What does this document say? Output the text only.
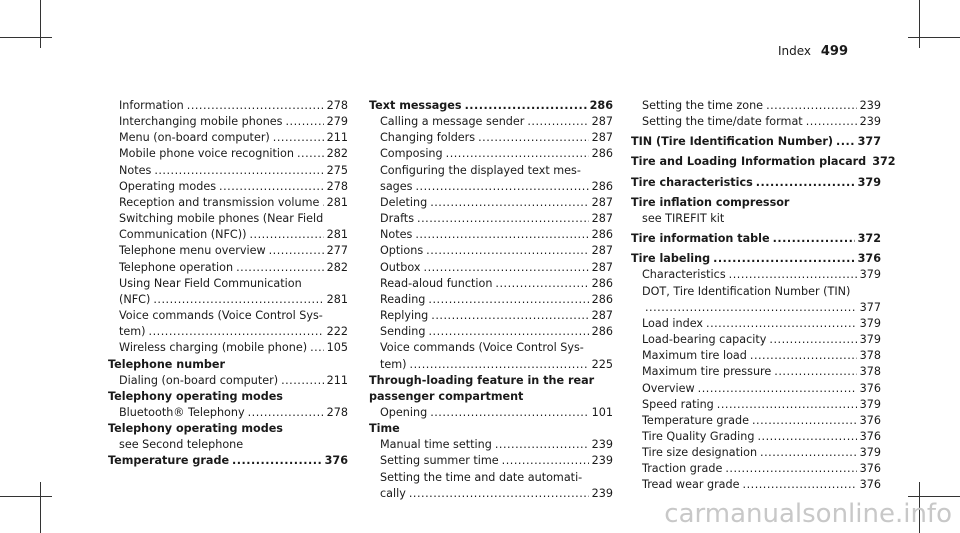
Index 499
Information .....	278
Interchanging mobile phones .....	279
Menu (on-board computer) .....	211
Mobile phone voice recognition .....	282
Notes .....	275
Operating modes .....	278
Reception and transmission volume ..... 281
Switching mobile phones (Near Field
Communication (NFC)) .....	281
Telephone menu overview .....	277
Telephone operation .....	282
Using Near Field Communication
(NFC) .....	281
Voice commands (Voice Control Sys-
tem) .....	222
Wireless charging (mobile phone) ..... 105
Telephone number
Dialing (on-board computer) .....	211
Telephony operating modes
Bluetooth® Telephony .....	278
Telephony operating modes
see Second telephone
Temperature grade .....	376
Text messages .....	286
Calling a message sender .....	287
Changing folders .....	287
Composing .....	286
Configuring the displayed text mes-
sages .....	286
Deleting .....	287
Drafts .....	287
Notes .....	286
Options .....	287
Outbox .....	287
Read-aloud function .....	286
Reading .....	286
Replying .....	287
Sending .....	286
Voice commands (Voice Control Sys-
tem) .....	225
Through-loading feature in the rear
passenger compartment
Opening .....	101
Time
Manual time setting .....	239
Setting summer time .....	239
Setting the time and date automati-
cally .....	239
Setting the time zone .....	239
Setting the time/date format .....	239
TIN (Tire Identification Number) ..... 377
Tire and Loading Information placard 372
Tire characteristics .....	379
Tire inflation compressor
see TIREFIT kit
Tire information table .....	372
Tire labeling .....	376
Characteristics .....	379
DOT, Tire Identification Number (TIN)
.....
377
Load index .....	379
Load-bearing capacity .....	379
Maximum tire load .....	378
Maximum tire pressure .....	378
Overview .....	376
Speed rating .....	379
Temperature grade .....	376
Tire Quality Grading .....	376
Tire size designation .....	379
Traction grade .....	376
Tread wear grade .....	376
carmanualsonline.info
